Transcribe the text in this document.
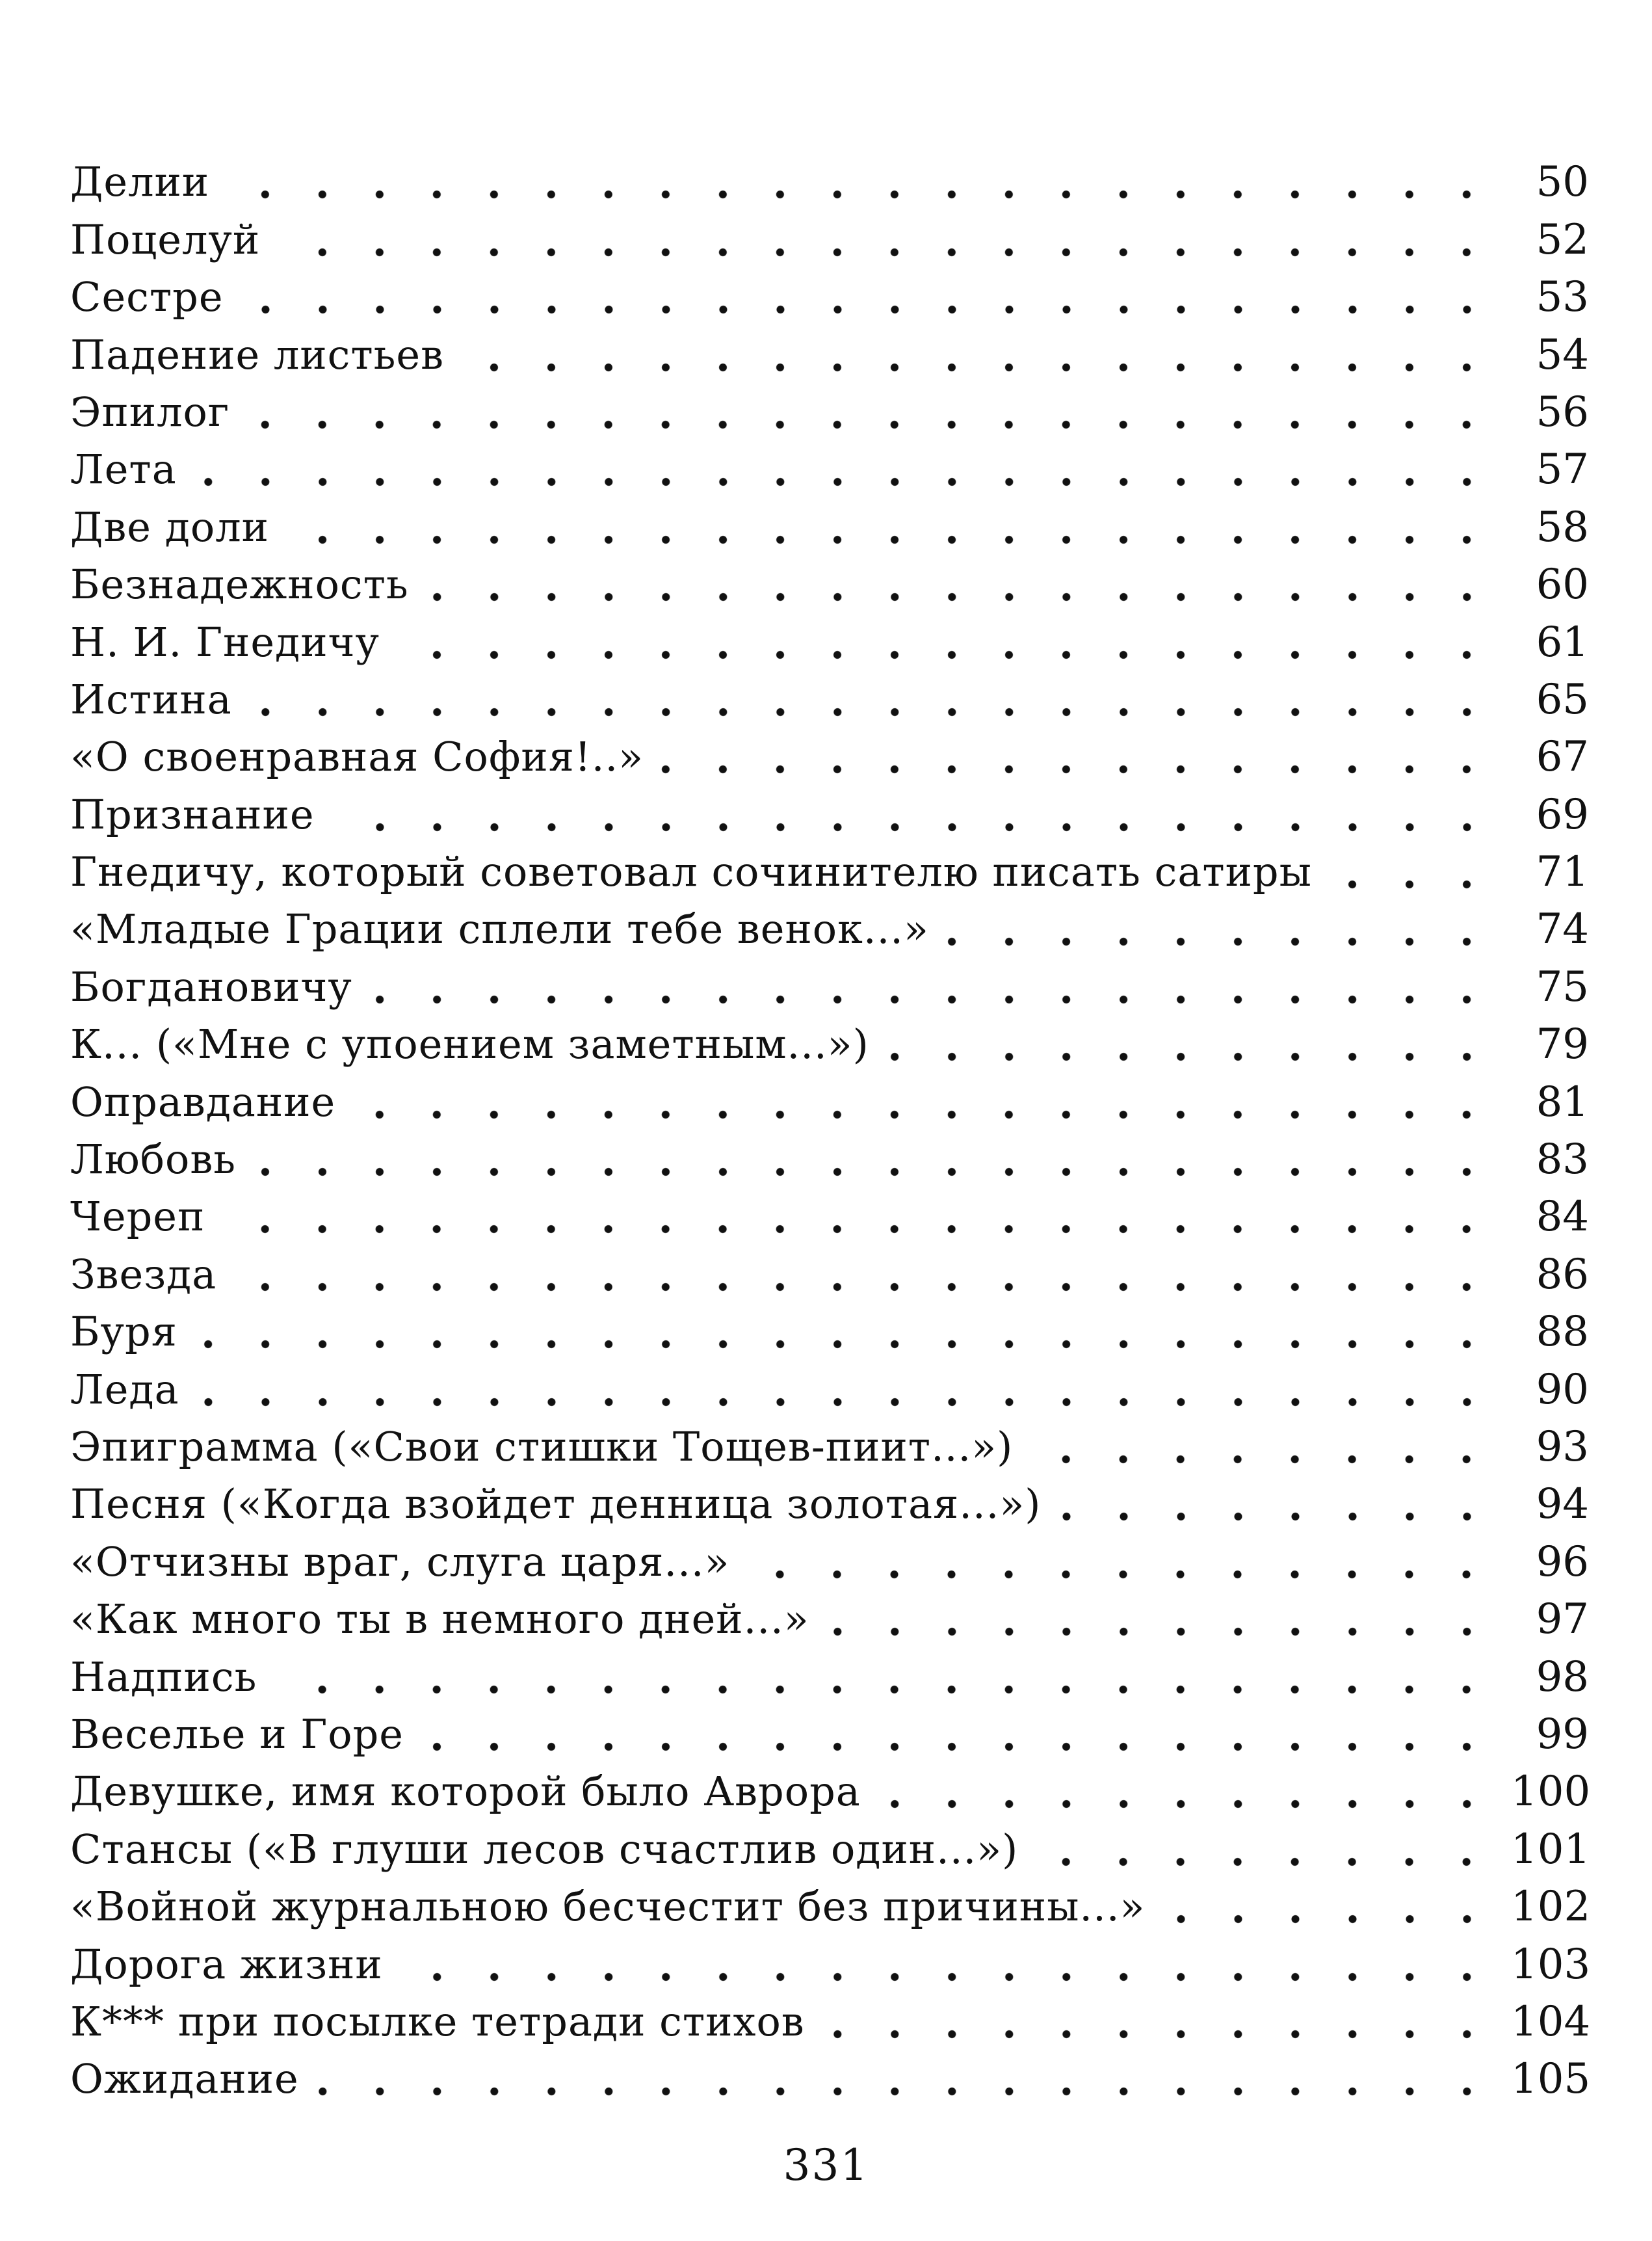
Делии	50
Поцелуй	52
Сестре	53
Падение листьев	54
Эпилог	56
Лета	57
Две доли	58
Безнадежность	60
Н. И. Гнедичу	61
Истина	65
«О своенравная София!..»	67
Признание	69
Гнедичу, который советовал сочинителю писать сатиры	71
«Младые Грации сплели тебе венок...»	74
Богдановичу	75
К... («Мне с упоением заметным...»)	79
Оправдание	81
Любовь	83
Череп	84
Звезда	86
Буря	88
Леда	90
Эпиграмма («Свои стишки Тощев-пиит...»)	93
Песня («Когда взойдет денница золотая...»)	94
«Отчизны враг, слуга царя...»	96
«Как много ты в немного дней...»	97
Надпись	98
Веселье и Горе	99
Девушке, имя которой было Аврора	100
Стансы («В глуши лесов счастлив один...»)	101
«Войной журнальною бесчестит без причины...»	102
Дорога жизни	103
К*** при посылке тетради стихов	104
Ожидание	105
331
